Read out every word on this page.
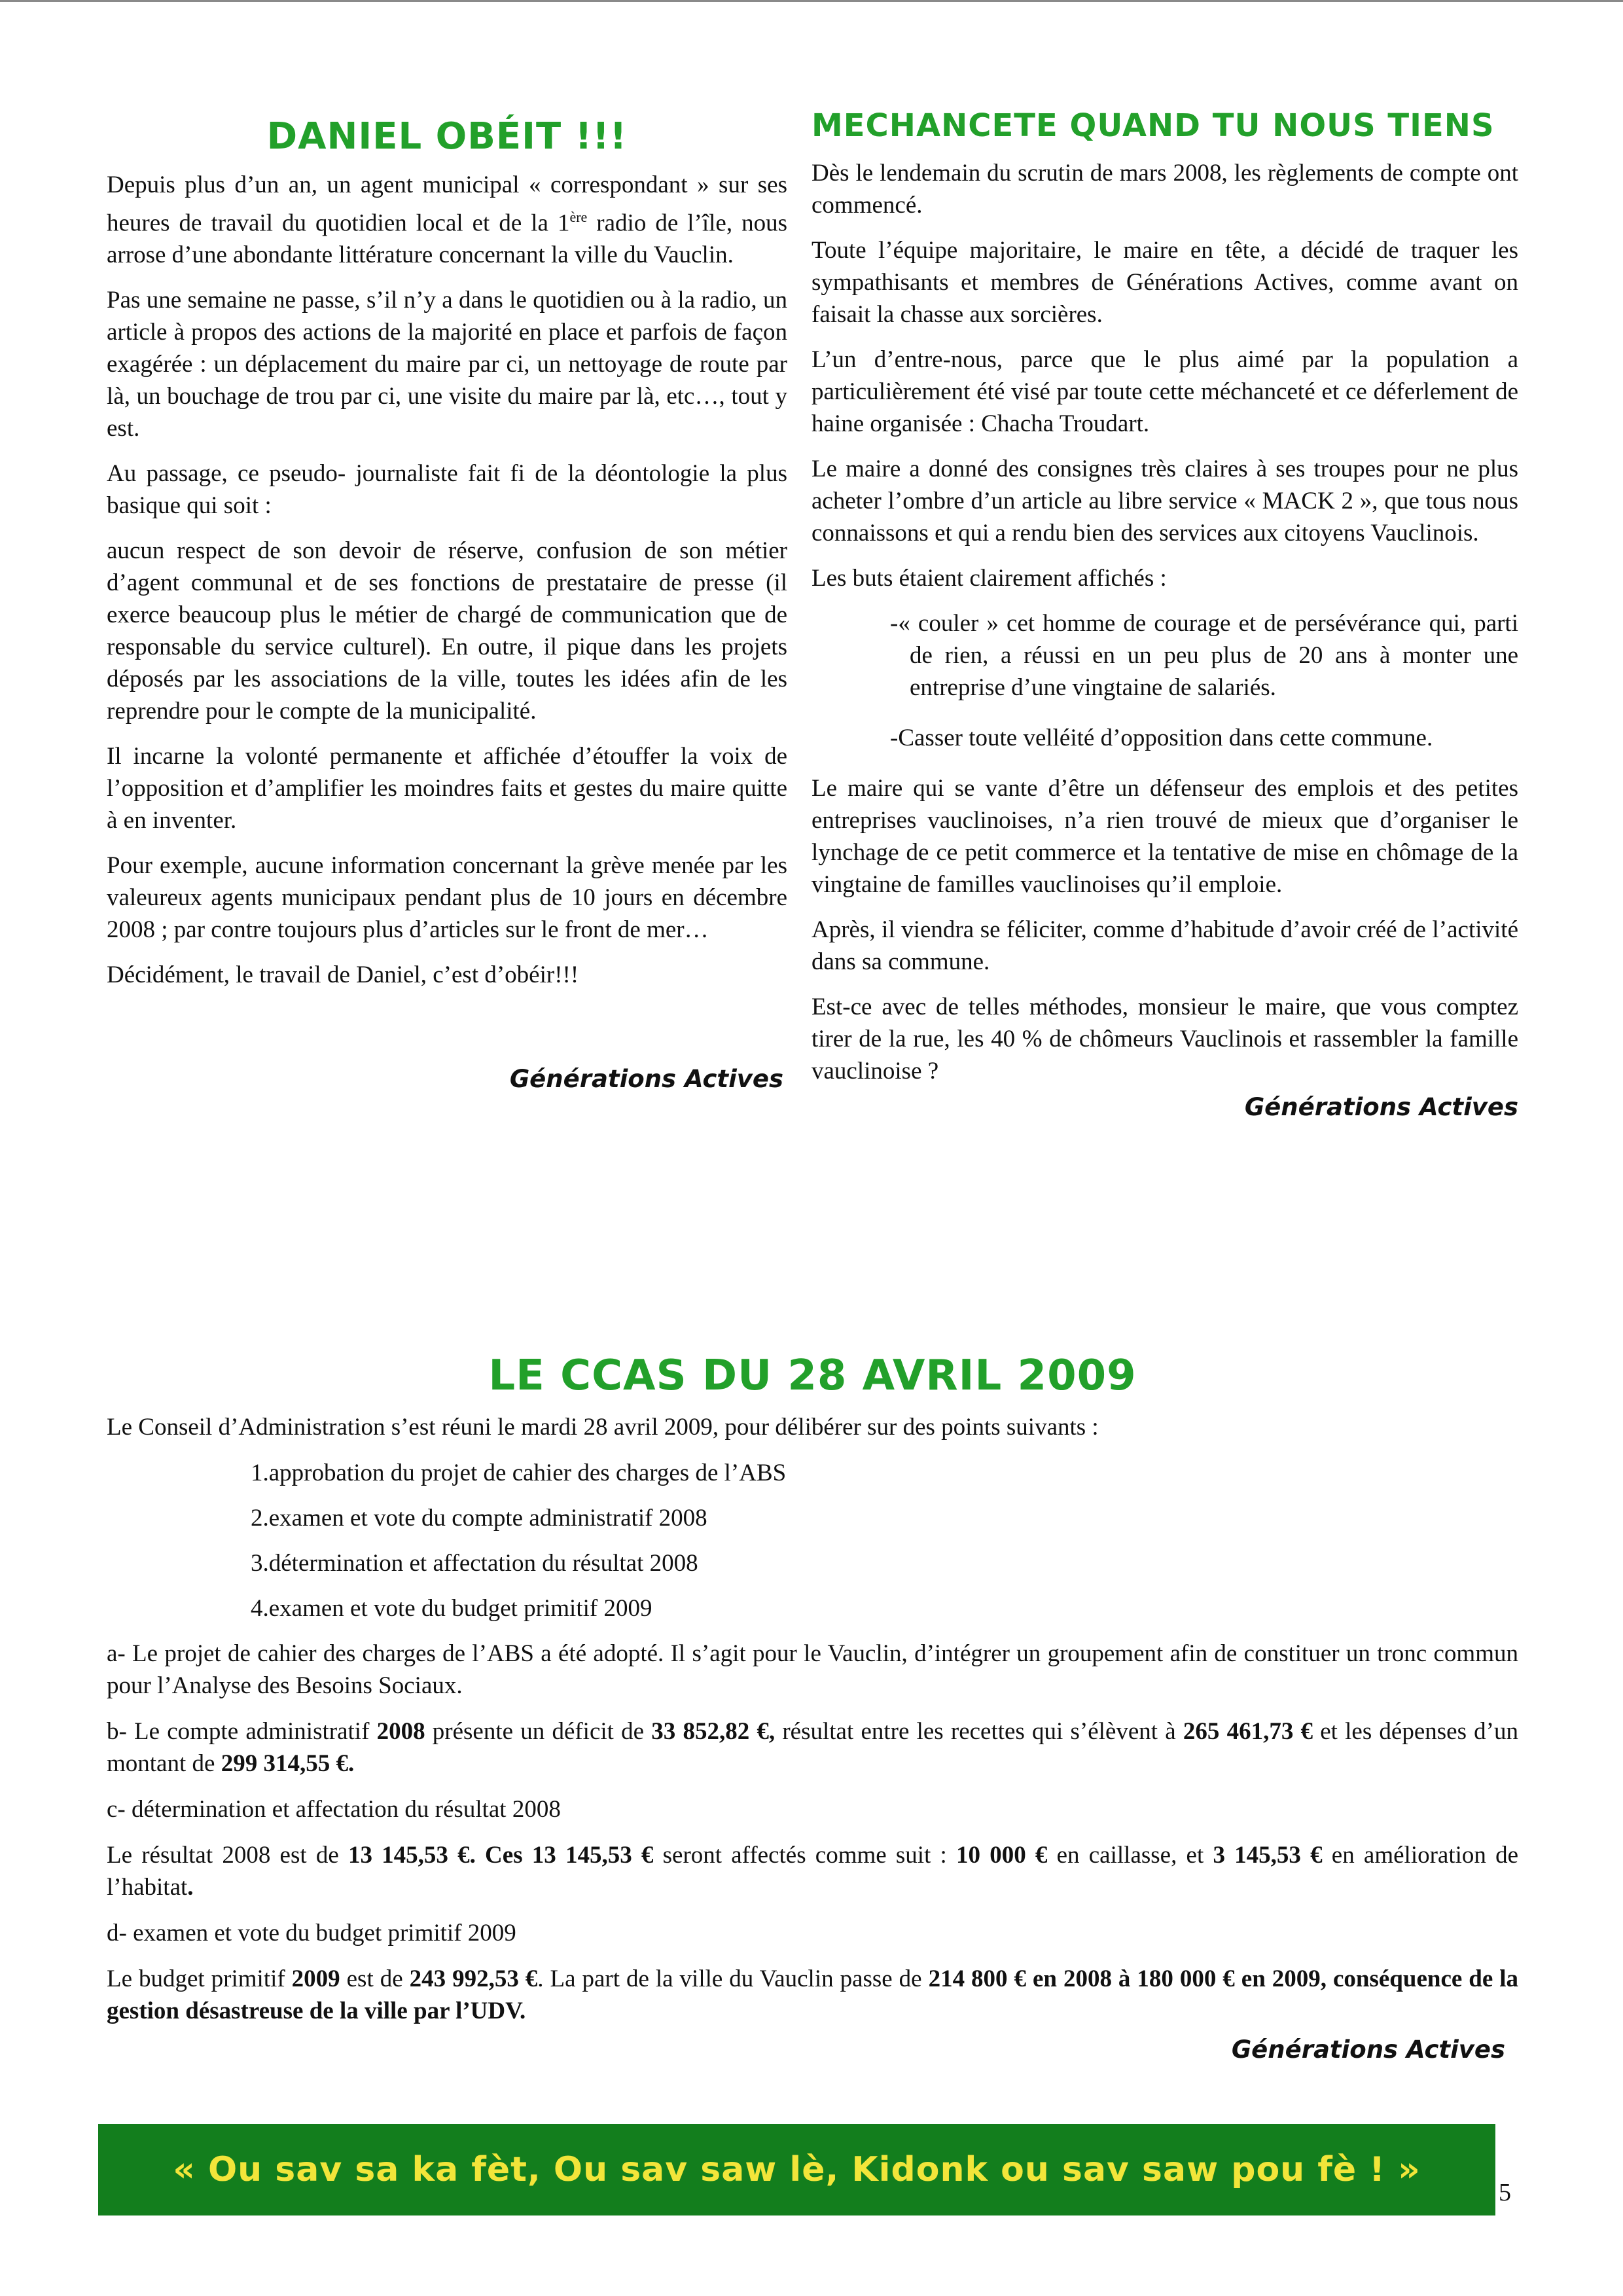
DANIEL OBÉIT !!!

Depuis plus d’un an, un agent municipal « correspondant » sur ses heures de travail du quotidien local et de la 1ère radio de l’île, nous arrose d’une abondante littérature concernant la ville du Vauclin.

Pas une semaine ne passe, s’il n’y a dans le quotidien ou à la radio, un article à propos des actions de la majorité en place et parfois de façon exagérée : un déplacement du maire par ci, un nettoyage de route par là, un bouchage de trou par ci, une visite du maire par là, etc…, tout y est.

Au passage, ce pseudo- journaliste fait fi de la déontologie la plus basique qui soit :

aucun respect de son devoir de réserve, confusion de son métier d’agent communal et de ses fonctions de prestataire de presse (il exerce beaucoup plus le métier de chargé de communication que de responsable du service culturel). En outre, il pique dans les projets déposés par les associations de la ville, toutes les idées afin de les reprendre pour le compte de la municipalité.

Il incarne la volonté permanente et affichée d’étouffer la voix de l’opposition et d’amplifier les moindres faits et gestes du maire quitte à en inventer.

Pour exemple, aucune information concernant la grève menée par les valeureux agents municipaux pendant plus de 10 jours en décembre 2008 ; par contre toujours plus d’articles sur le front de mer…

Décidément, le travail de Daniel, c’est d’obéir!!!

Générations Actives

MECHANCETE QUAND TU NOUS TIENS

Dès le lendemain du scrutin de mars 2008, les règlements de compte ont commencé.

Toute l’équipe majoritaire, le maire en tête, a décidé de traquer les sympathisants et membres de Générations Actives, comme avant on faisait la chasse aux sorcières.

L’un d’entre-nous, parce que le plus aimé par la population a particulièrement été visé par toute cette méchanceté et ce déferlement de haine organisée : Chacha Troudart.

Le maire a donné des consignes très claires à ses troupes pour ne plus acheter l’ombre d’un article au libre service « MACK 2 », que tous nous connaissons et qui a rendu bien des services aux citoyens Vauclinois.

Les buts étaient clairement affichés :

-« couler » cet homme de courage et de persévérance qui, parti de rien, a réussi en un peu plus de 20 ans à monter une entreprise d’une vingtaine de salariés.

-Casser toute velléité d’opposition dans cette commune.

Le maire qui se vante d’être un défenseur des emplois et des petites entreprises vauclinoises, n’a rien trouvé de mieux que d’organiser le lynchage de ce petit commerce et la tentative de mise en chômage de la vingtaine de familles vauclinoises qu’il emploie.

Après, il viendra se féliciter, comme d’habitude d’avoir créé de l’activité dans sa commune.

Est-ce avec de telles méthodes, monsieur le maire, que vous comptez tirer de la rue, les 40 % de chômeurs Vauclinois et rassembler la famille vauclinoise ?

Générations Actives

LE CCAS DU 28 AVRIL 2009

Le Conseil d’Administration s’est réuni le mardi 28 avril 2009, pour délibérer sur des points suivants :

1.approbation du projet de cahier des charges de l’ABS
2.examen et vote du compte administratif 2008
3.détermination et affectation du résultat 2008
4.examen et vote du budget primitif 2009

a- Le projet de cahier des charges de l’ABS a été adopté. Il s’agit pour le Vauclin, d’intégrer un groupement afin de constituer un tronc commun pour l’Analyse des Besoins Sociaux.

b- Le compte administratif 2008 présente un déficit de 33 852,82 €, résultat entre les recettes qui s’élèvent à 265 461,73 € et les dépenses d’un montant de 299 314,55 €.

c- détermination et affectation du résultat 2008

Le résultat 2008 est de 13 145,53 €. Ces 13 145,53 € seront affectés comme suit : 10 000 € en caillasse, et 3 145,53 € en amélioration de l’habitat.

d- examen et vote du budget primitif 2009

Le budget primitif 2009 est de 243 992,53 €. La part de la ville du Vauclin passe de 214 800 € en 2008 à 180 000 € en 2009, conséquence de la gestion désastreuse de la ville par l’UDV.

Générations Actives

« Ou sav sa ka fèt, Ou sav saw lè, Kidonk ou sav saw pou fè ! »
5
